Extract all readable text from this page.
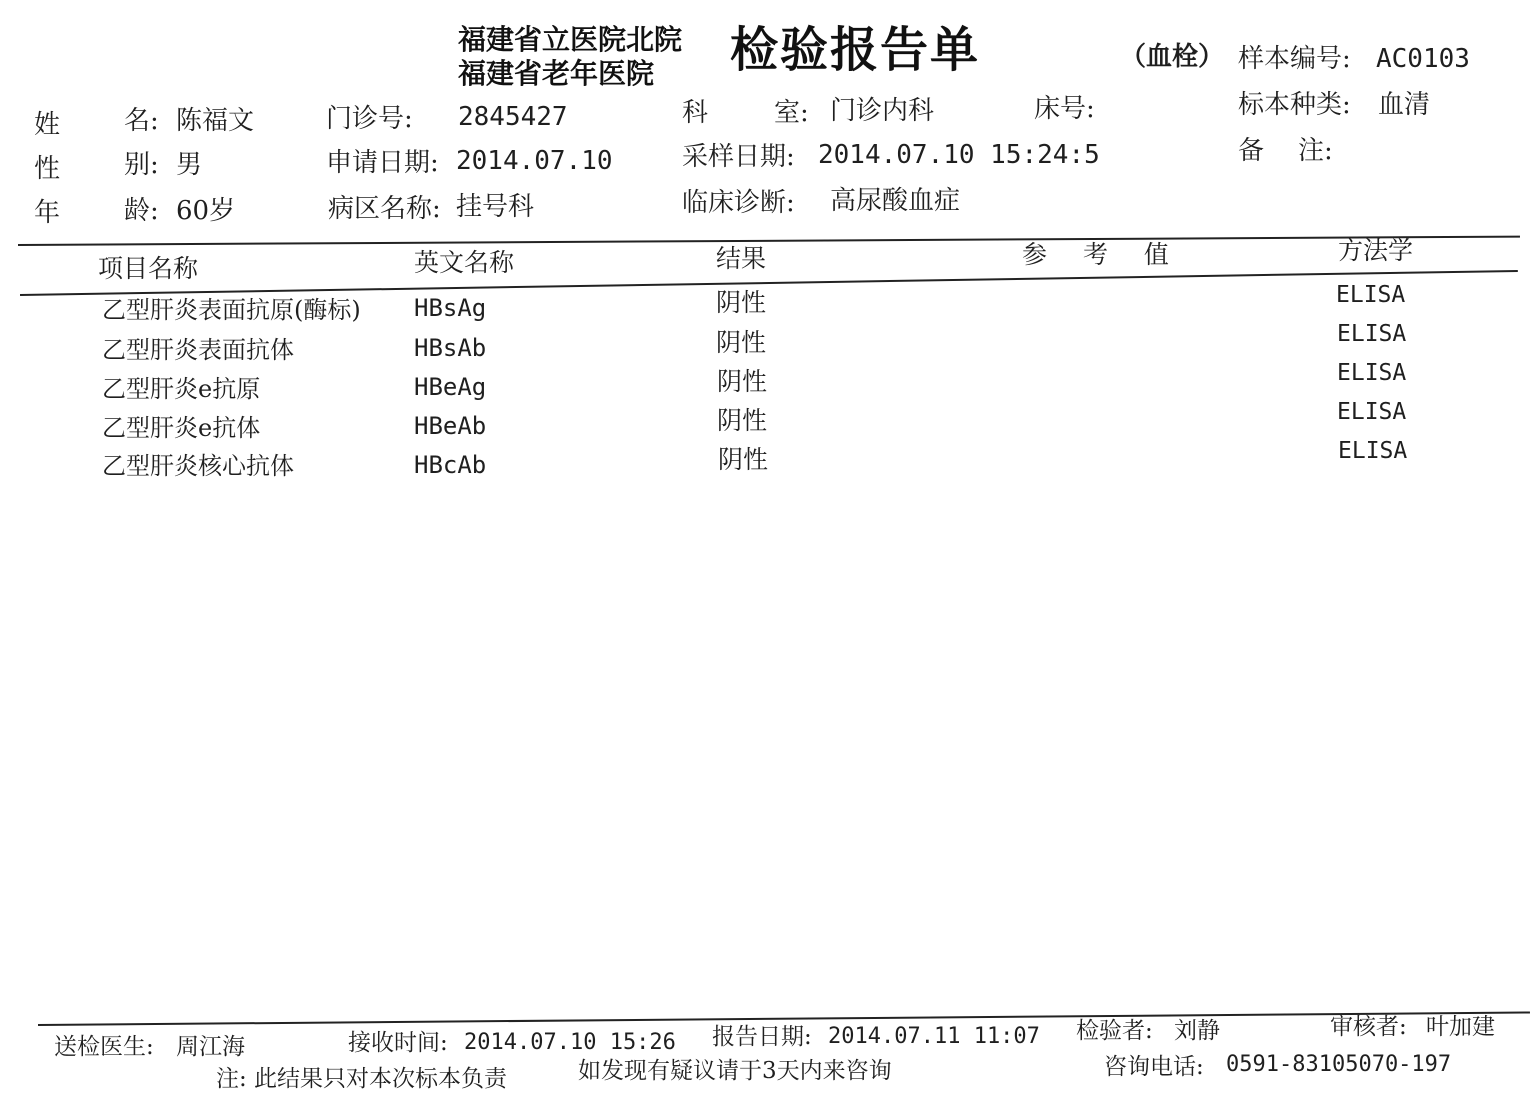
福建省立医院北院
福建省老年医院 检验报告单	（血栓） 样本编号: AC0103
姓 名: 陈福文	门诊号: 2845427	科	室: 门诊内科	床号:	标本种类: 血清
性 别: 男	申请日期: 2014.07.10	采样日期: 2014.07.10 15:24:5	备 注:
年 龄: 60岁	病区名称: 挂号科	临床诊断: 高尿酸血症
项目名称	英文名称	结果	参 考 值	方法学
乙型肝炎表面抗原(酶标) HBsAg	阴性	ELISA
乙型肝炎表面抗体	HBsAb	阴性	ELISA
乙型肝炎e抗原	HBeAg	阴性	ELISA
乙型肝炎e抗体	HBeAb	阴性	ELISA
乙型肝炎核心抗体	HBcAb	阴性	ELISA
送检医生: 周江海	接收时间: 2014.07.10 15:26 报告日期: 2014.07.11 11:07 检验者: 刘静	审核者: 叶加建
注: 此结果只对本次标本负责	如发现有疑议请于3天内来咨询	咨询电话: 0591-83105070-197
